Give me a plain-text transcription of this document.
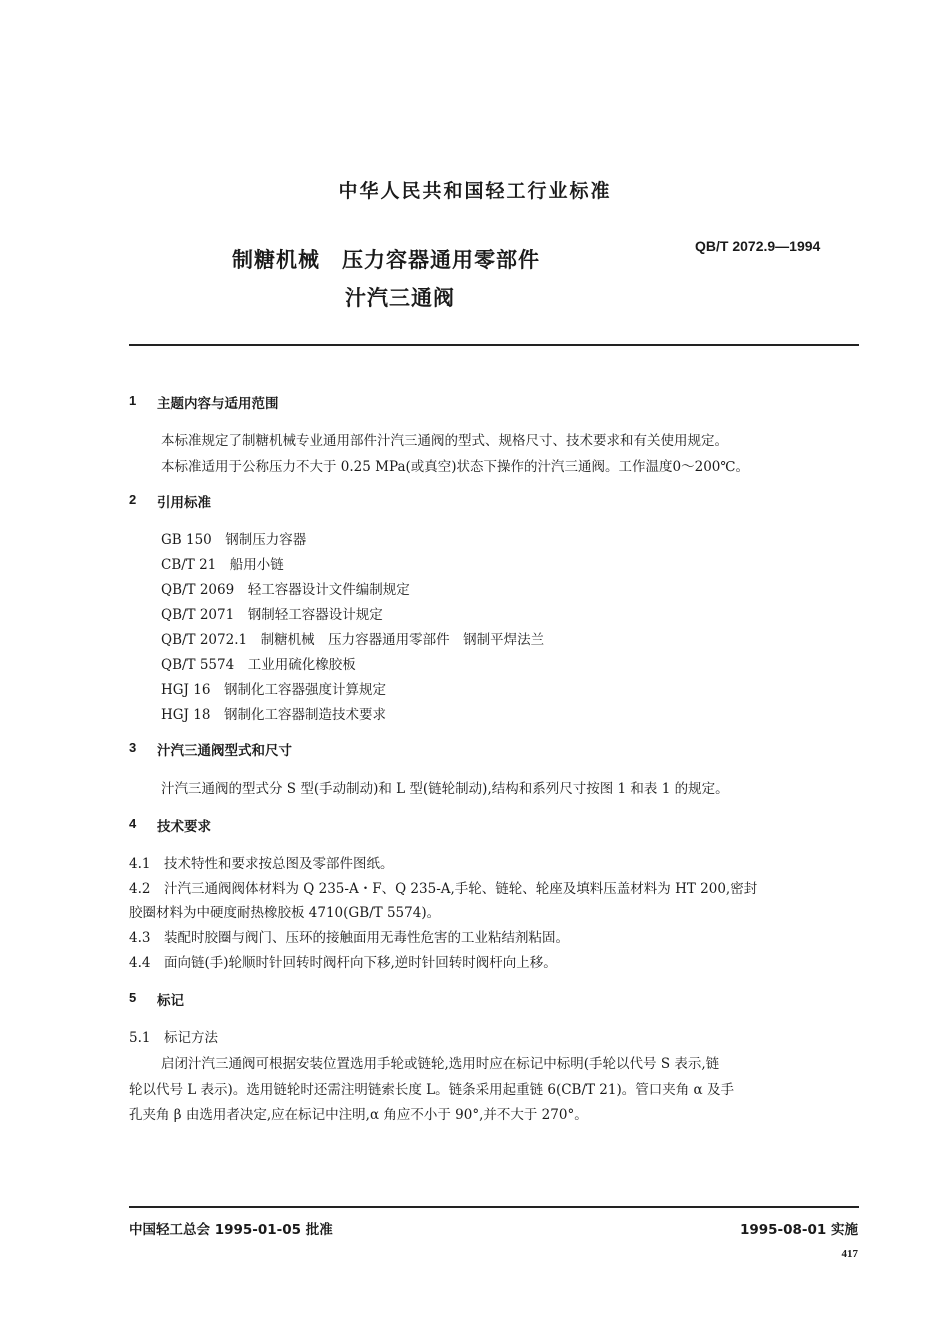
中华人民共和国轻工行业标准
制糖机械　压力容器通用零部件
汁汽三通阀
QB/T 2072.9—1994
1 主题内容与适用范围
本标准规定了制糖机械专业通用部件汁汽三通阀的型式、规格尺寸、技术要求和有关使用规定。
本标准适用于公称压力不大于 0.25 MPa(或真空)状态下操作的汁汽三通阀。工作温度0～200℃。
2 引用标准
GB 150　钢制压力容器
CB/T 21　船用小链
QB/T 2069　轻工容器设计文件编制规定
QB/T 2071　钢制轻工容器设计规定
QB/T 2072.1　制糖机械　压力容器通用零部件　钢制平焊法兰
QB/T 5574　工业用硫化橡胶板
HGJ 16　钢制化工容器强度计算规定
HGJ 18　钢制化工容器制造技术要求
3 汁汽三通阀型式和尺寸
汁汽三通阀的型式分 S 型(手动制动)和 L 型(链轮制动),结构和系列尺寸按图 1 和表 1 的规定。
4 技术要求
4.1　技术特性和要求按总图及零部件图纸。
4.2　汁汽三通阀阀体材料为 Q 235-A・F、Q 235-A,手轮、链轮、轮座及填料压盖材料为 HT 200,密封
胶圈材料为中硬度耐热橡胶板 4710(GB/T 5574)。
4.3　装配时胶圈与阀门、压环的接触面用无毒性危害的工业粘结剂粘固。
4.4　面向链(手)轮顺时针回转时阀杆向下移,逆时针回转时阀杆向上移。
5 标记
5.1　标记方法
启闭汁汽三通阀可根据安装位置选用手轮或链轮,选用时应在标记中标明(手轮以代号 S 表示,链
轮以代号 L 表示)。选用链轮时还需注明链索长度 L。链条采用起重链 6(CB/T 21)。管口夹角 α 及手
孔夹角 β 由选用者决定,应在标记中注明,α 角应不小于 90°,并不大于 270°。
中国轻工总会 1995-01-05 批准	1995-08-01 实施
417
